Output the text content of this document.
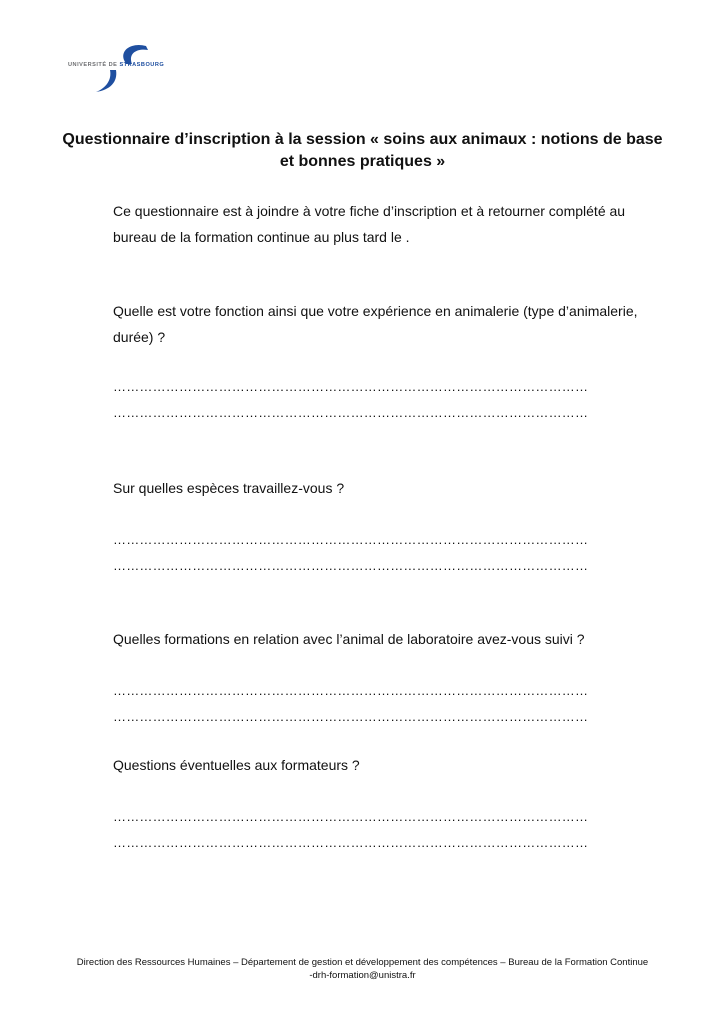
UNIVERSITÉ DE STRASBOURG
Questionnaire d’inscription à la session « soins aux animaux : notions de base et bonnes pratiques »

Ce questionnaire est à joindre à votre fiche d’inscription et à retourner complété au bureau de la formation continue au plus tard le .

Quelle est votre fonction ainsi que votre expérience en animalerie (type d’animalerie, durée) ?

………………………………………………………………………………………………
………………………………………………………………………………………………

Sur quelles espèces travaillez-vous ?

………………………………………………………………………………………………
………………………………………………………………………………………………

Quelles formations en relation avec l’animal de laboratoire avez-vous suivi ?

………………………………………………………………………………………………
………………………………………………………………………………………………

Questions éventuelles aux formateurs ?

………………………………………………………………………………………………
………………………………………………………………………………………………
Direction des Ressources Humaines – Département de gestion et développement des compétences – Bureau de la Formation Continue
-drh-formation@unistra.fr
